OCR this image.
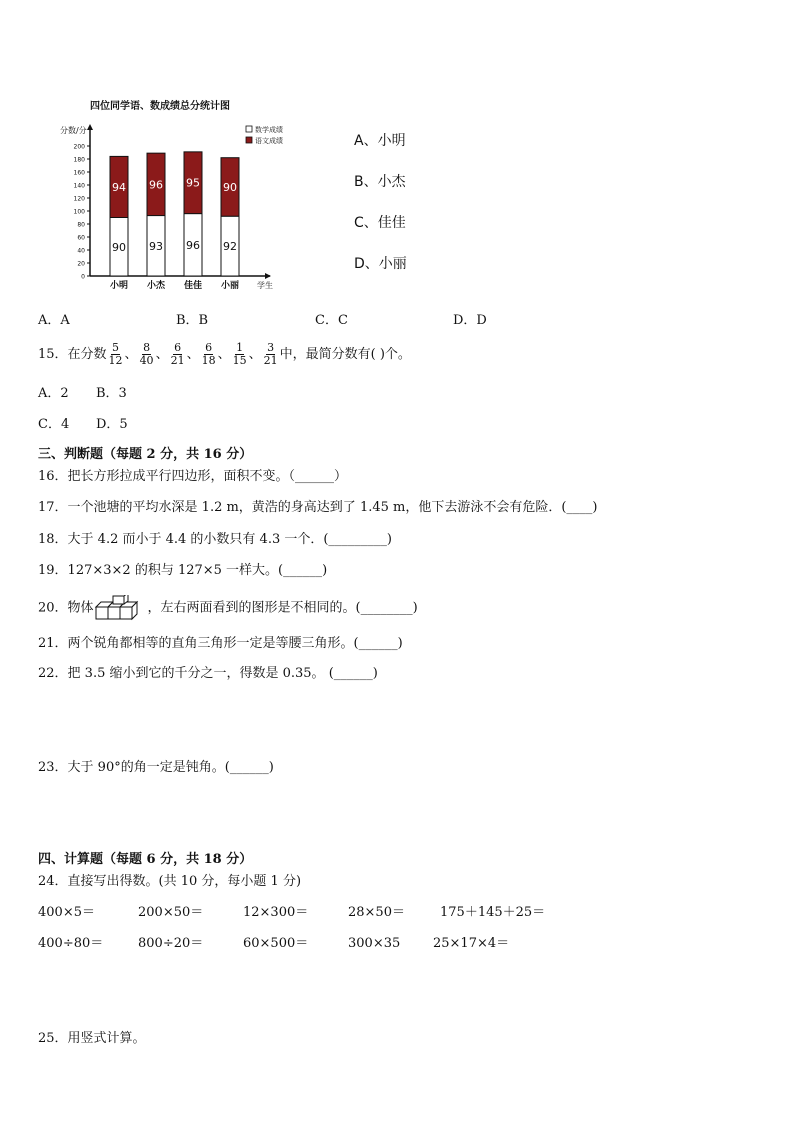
四位同学语、数成绩总分统计图
分数/分
0
20
40
60
80
100
120
140
160
180
200
数学成绩
语文成绩
90
94
小明
93
96
小杰
96
95
佳佳
92
90
小丽 学生
A、小明
B、小杰
C、佳佳
D、小丽
A．A	B．B	C．C	D．D
15．在分数 $\frac{5}{12}$ 、 $\frac{8}{40}$ 、 $\frac{6}{21}$ 、 $\frac{6}{18}$ 、 $\frac{1}{15}$ 、 $\frac{3}{21}$ 中，最简分数有( )个。
A．2 B．3
C．4 D．5
三、判断题（每题 2 分，共 16 分）
16．把长方形拉成平行四边形，面积不变。（______）
17．一个池塘的平均水深是 1.2 m，黄浩的身高达到了 1.45 m，他下去游泳不会有危险．(____)
18．大于 4.2 而小于 4.4 的小数只有 4.3 一个．(_________)
19．127×3×2 的积与 127×5 一样大。(______)
20．物体	，左右两面看到的图形是不相同的。(________)
21．两个锐角都相等的直角三角形一定是等腰三角形。(______)
22．把 3.5 缩小到它的千分之一，得数是 0.35。 (______)
23．大于 90°的角一定是钝角。(______)
四、计算题（每题 6 分，共 18 分）
24．直接写出得数。(共 10 分，每小题 1 分)
400×5＝	200×50＝	12×300＝	28×50＝	175＋145＋25＝
400÷80＝	800÷20＝	60×500＝	300×35	25×17×4＝
25．用竖式计算。
